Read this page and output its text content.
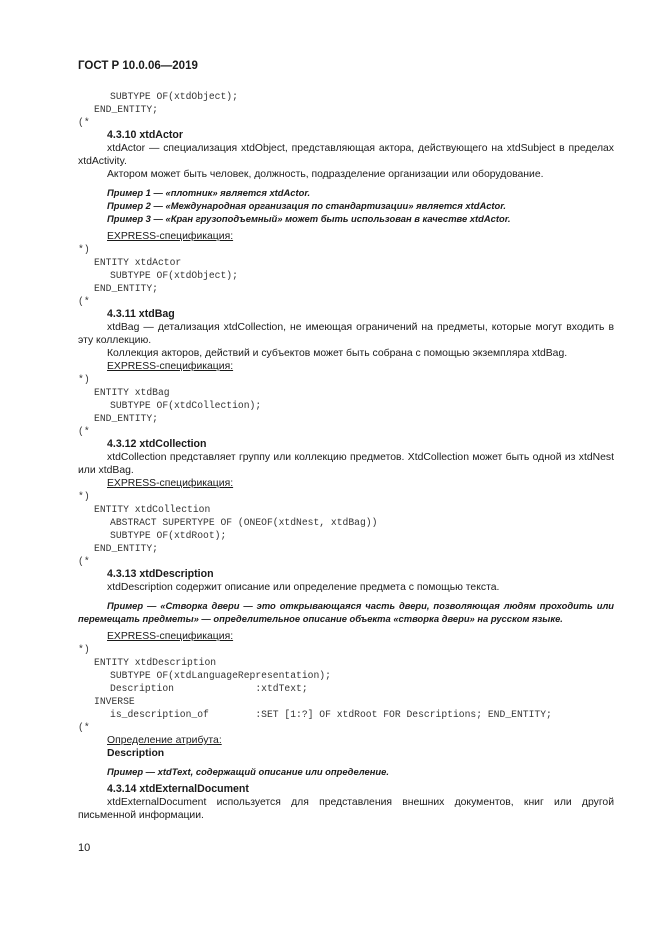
ГОСТ Р 10.0.06—2019
SUBTYPE OF(xtdObject);
END_ENTITY;
(*
4.3.10 xtdActor
xtdActor — специализация xtdObject, представляющая актора, действующего на xtdSubject в пределах xtdActivity.
Актором может быть человек, должность, подразделение организации или оборудование.
Пример 1 — «плотник» является xtdActor.
Пример 2 — «Международная организация по стандартизации» является xtdActor.
Пример 3 — «Кран грузоподъемный» может быть использован в качестве xtdActor.
EXPRESS-спецификация:
*)
ENTITY xtdActor
SUBTYPE OF(xtdObject);
END_ENTITY;
(*
4.3.11 xtdBag
xtdBag — детализация xtdCollection, не имеющая ограничений на предметы, которые могут входить в эту коллекцию.
Коллекция акторов, действий и субъектов может быть собрана с помощью экземпляра xtdBag.
EXPRESS-спецификация:
*)
ENTITY xtdBag
SUBTYPE OF(xtdCollection);
END_ENTITY;
(*
4.3.12 xtdCollection
xtdCollection представляет группу или коллекцию предметов. XtdCollection может быть одной из xtdNest или xtdBag.
EXPRESS-спецификация:
*)
ENTITY xtdCollection
ABSTRACT SUPERTYPE OF (ONEOF(xtdNest, xtdBag))
SUBTYPE OF(xtdRoot);
END_ENTITY;
(*
4.3.13 xtdDescription
xtdDescription содержит описание или определение предмета с помощью текста.
Пример — «Створка двери — это открывающаяся часть двери, позволяющая людям проходить или перемещать предметы» — определительное описание объекта «створка двери» на русском языке.
EXPRESS-спецификация:
*)
ENTITY xtdDescription
SUBTYPE OF(xtdLanguageRepresentation);
Description              :xtdText;
INVERSE
is_description_of        :SET [1:?] OF xtdRoot FOR Descriptions; END_ENTITY;
(*
Определение атрибута:
Description
Пример — xtdText, содержащий описание или определение.
4.3.14 xtdExternalDocument
xtdExternalDocument используется для представления внешних документов, книг или другой письменной информации.
10
